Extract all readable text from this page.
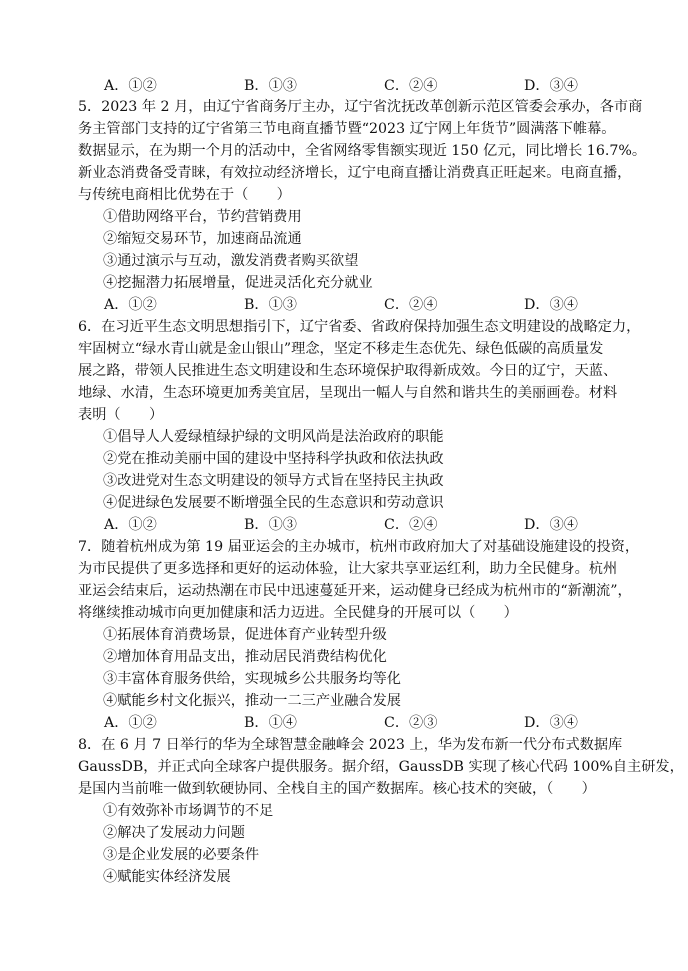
A．①②	B．①③	C．②④	D．③④
5．2023 年 2 月，由辽宁省商务厅主办，辽宁省沈抚改革创新示范区管委会承办，各市商
务主管部门支持的辽宁省第三节电商直播节暨“2023 辽宁网上年货节”圆满落下帷幕。
数据显示，在为期一个月的活动中，全省网络零售额实现近 150 亿元，同比增长 16.7%。
新业态消费备受青睐，有效拉动经济增长，辽宁电商直播让消费真正旺起来。电商直播，
与传统电商相比优势在于（　　）
①借助网络平台，节约营销费用
②缩短交易环节，加速商品流通
③通过演示与互动，激发消费者购买欲望
④挖掘潜力拓展增量，促进灵活化充分就业
A．①②	B．①③	C．②④	D．③④
6．在习近平生态文明思想指引下，辽宁省委、省政府保持加强生态文明建设的战略定力，
牢固树立“绿水青山就是金山银山”理念，坚定不移走生态优先、绿色低碳的高质量发
展之路，带领人民推进生态文明建设和生态环境保护取得新成效。今日的辽宁，天蓝、
地绿、水清，生态环境更加秀美宜居，呈现出一幅人与自然和谐共生的美丽画卷。材料
表明（　　）
①倡导人人爱绿植绿护绿的文明风尚是法治政府的职能
②党在推动美丽中国的建设中坚持科学执政和依法执政
③改进党对生态文明建设的领导方式旨在坚持民主执政
④促进绿色发展要不断增强全民的生态意识和劳动意识
A．①②	B．①③	C．②④	D．③④
7．随着杭州成为第 19 届亚运会的主办城市，杭州市政府加大了对基础设施建设的投资，
为市民提供了更多选择和更好的运动体验，让大家共享亚运红利，助力全民健身。杭州
亚运会结束后，运动热潮在市民中迅速蔓延开来，运动健身已经成为杭州市的“新潮流”，
将继续推动城市向更加健康和活力迈进。全民健身的开展可以（　　）
①拓展体育消费场景，促进体育产业转型升级
②增加体育用品支出，推动居民消费结构优化
③丰富体育服务供给，实现城乡公共服务均等化
④赋能乡村文化振兴，推动一二三产业融合发展
A．①②	B．①④	C．②③	D．③④
8．在 6 月 7 日举行的华为全球智慧金融峰会 2023 上，华为发布新一代分布式数据库
GaussDB，并正式向全球客户提供服务。据介绍，GaussDB 实现了核心代码 100%自主研发，
是国内当前唯一做到软硬协同、全栈自主的国产数据库。核心技术的突破，（　　）
①有效弥补市场调节的不足
②解决了发展动力问题
③是企业发展的必要条件
④赋能实体经济发展
